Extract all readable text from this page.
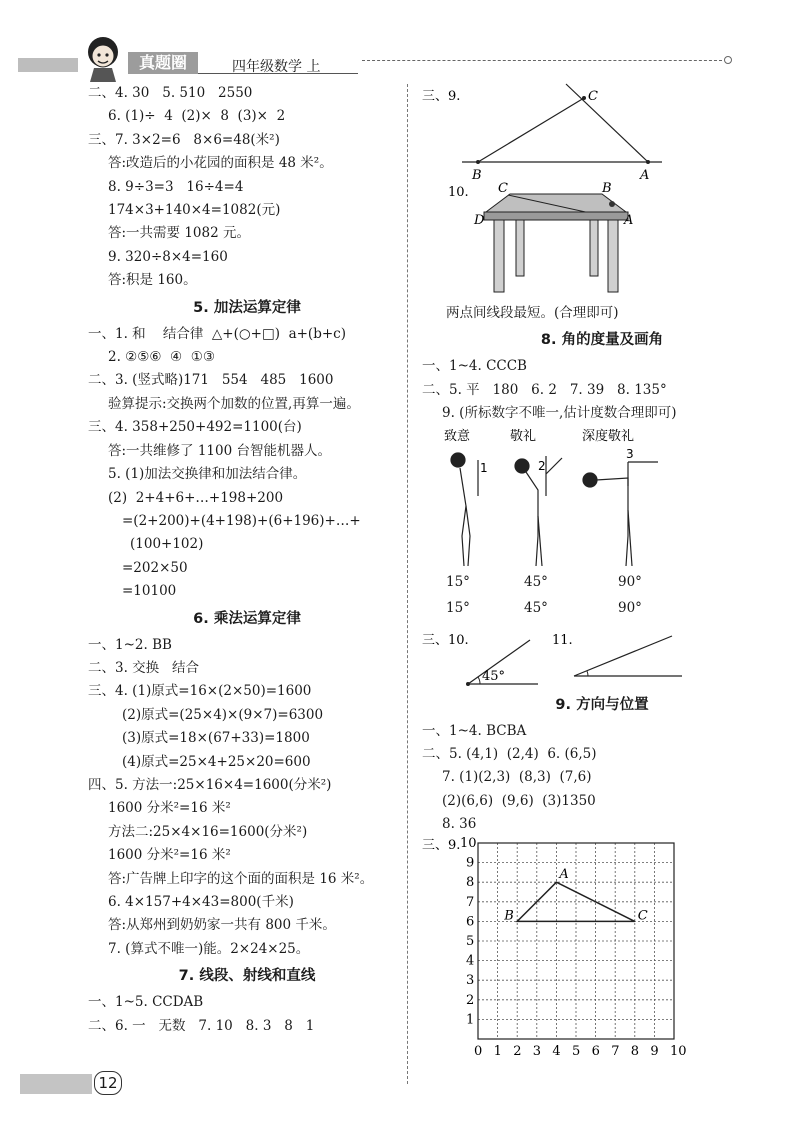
真题圈	四年级数学 上
二、4. 30   5. 510   2550
6. (1)÷  4  (2)×  8  (3)×  2
三、7. 3×2=6   8×6=48(米²)
答:改造后的小花园的面积是 48 米²。
8. 9÷3=3   16÷4=4
174×3+140×4=1082(元)
答:一共需要 1082 元。
9. 320÷8×4=160
答:积是 160。
5. 加法运算定律
一、1. 和    结合律  △+(○+□)  a+(b+c)
2. ②⑤⑥  ④  ①③
二、3. (竖式略)171   554   485   1600
验算提示:交换两个加数的位置,再算一遍。
三、4. 358+250+492=1100(台)
答:一共维修了 1100 台智能机器人。
5. (1)加法交换律和加法结合律。
(2)  2+4+6+…+198+200
=(2+200)+(4+198)+(6+196)+…+
(100+102)
=202×50
=10100
6. 乘法运算定律
一、1~2. BB
二、3. 交换   结合
三、4. (1)原式=16×(2×50)=1600
(2)原式=(25×4)×(9×7)=6300
(3)原式=18×(67+33)=1800
(4)原式=25×4+25×20=600
四、5. 方法一:25×16×4=1600(分米²)
1600 分米²=16 米²
方法二:25×4×16=1600(分米²)
1600 分米²=16 米²
答:广告牌上印字的这个面的面积是 16 米²。
6. 4×157+4×43=800(千米)
答:从郑州到奶奶家一共有 800 千米。
7. (算式不唯一)能。2×24×25。
7. 线段、射线和直线
一、1~5. CCDAB
二、6. 一   无数   7. 10   8. 3   8   1
三、9.
B	A
C
10. C	B
D	A
两点间线段最短。(合理即可)
8. 角的度量及画角
一、1~4. CCCB
二、5. 平   180   6. 2   7. 39   8. 135°
9. (所标数字不唯一,估计度数合理即可)
致意	敬礼	深度敬礼
1	2
3
15°	45°	90°
15°	45°	90°
三、10.
45°
11.
9. 方向与位置
一、1~4. BCBA
二、5. (4,1)  (2,4)  6. (6,5)
7. (1)(2,3)  (8,3)  (7,6)
(2)(6,6)  (9,6)  (3)1350
8. 36
三、9.
0 1 2 3 4 5 6 7 8 9 10
1
2
3
4
5
6
7
8
9
10
A
B	C
12
